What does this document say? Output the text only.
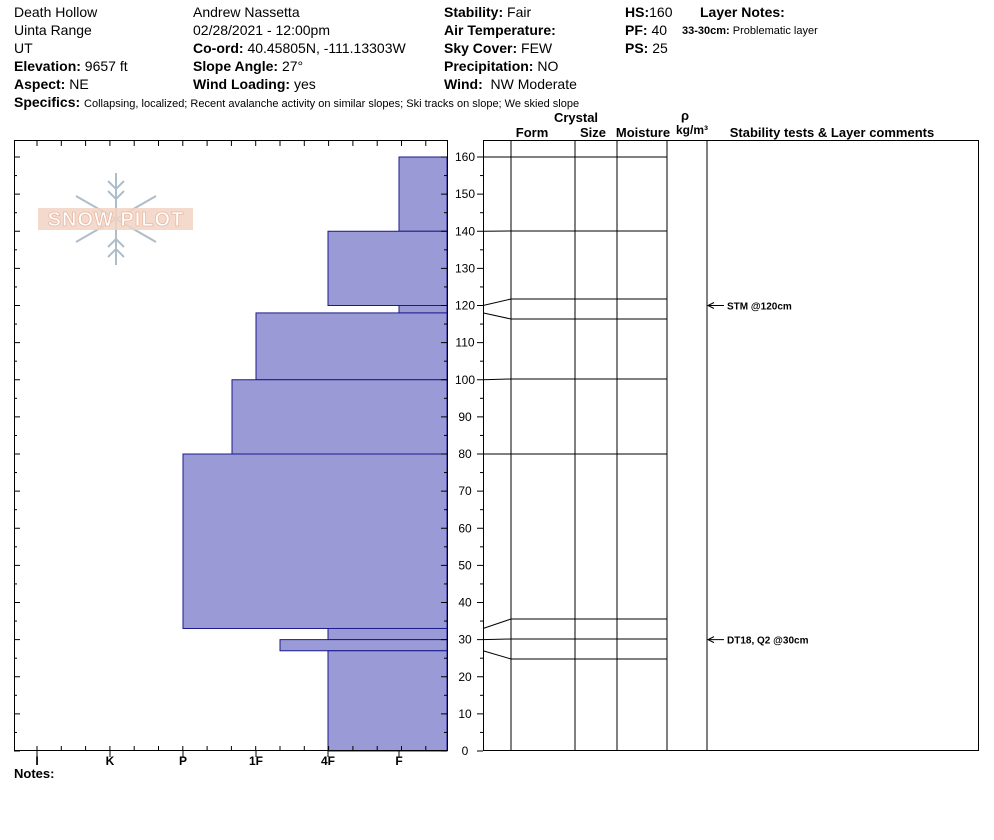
Death Hollow
Uinta Range
UT
Elevation: 9657 ft
Aspect: NE
Andrew Nassetta
02/28/2021 - 12:00pm
Co-ord: 40.45805N, -111.13303W
Slope Angle: 27°
Wind Loading: yes
Stability: Fair
Air Temperature:
Sky Cover: FEW
Precipitation: NO
Wind: NW Moderate
HS:160
PF: 40
PS: 25
Layer Notes:
33-30cm: Problematic layer
Specifics: Collapsing, localized; Recent avalanche activity on similar slopes; Ski tracks on slope; We skied slope
SNOW PILOT
0
10
20
30
40
50
60
70
80
90
100
110
120
130
140
150
160
I	K	P	1F	4F	F
Crystal
Form Size Moisture
ρ
kg/m³ Stability tests & Layer comments
STM @120cm
DT18, Q2 @30cm
Notes:
